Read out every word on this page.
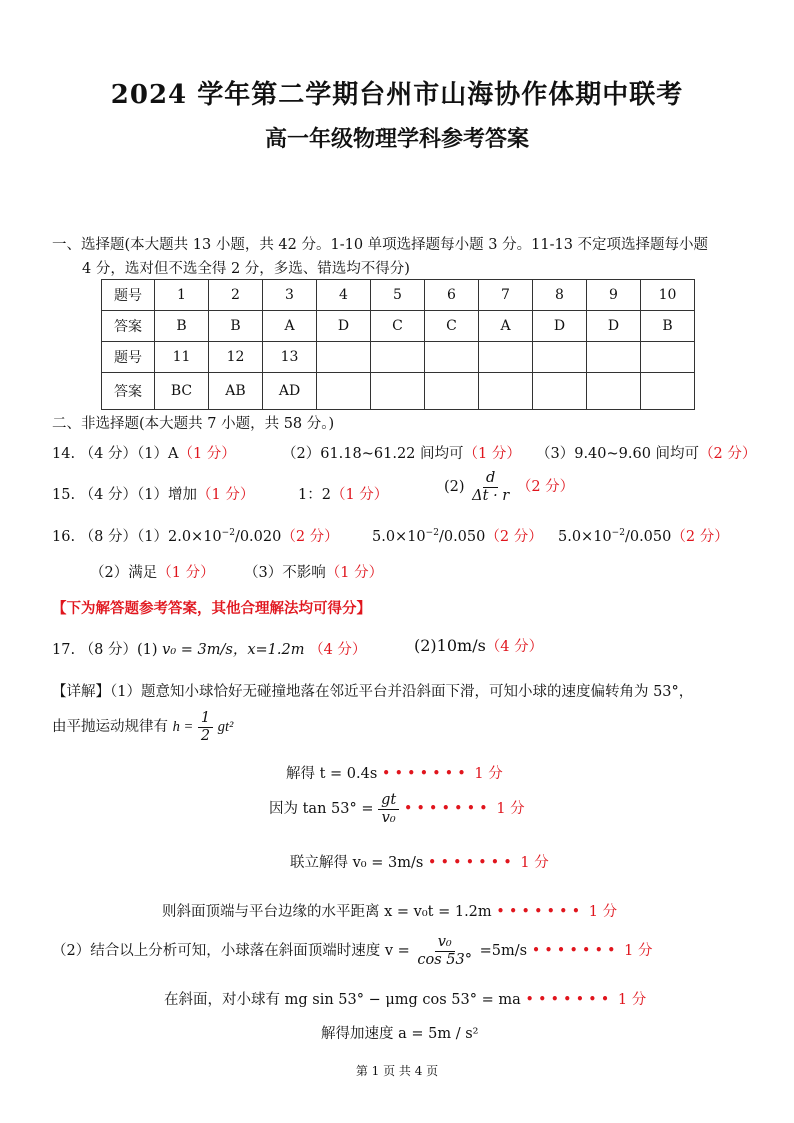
2024 学年第二学期台州市山海协作体期中联考
高一年级物理学科参考答案
一、选择题(本大题共 13 小题，共 42 分。1-10 单项选择题每小题 3 分。11-13 不定项选择题每小题
4 分，选对但不选全得 2 分，多选、错选均不得分)
题号	1	2	3	4	5	6	7	8	9	10
答案	B	B	A	D	C	C	A	D	D	B
题号	11	12	13							
答案	BC	AB	AD							
二、非选择题(本大题共 7 小题，共 58 分。)
14. （4 分）（1）A（1 分）	（2）61.18~61.22 间均可（1 分） （3）9.40~9.60 间均可（2 分）
15. （4 分）（1）增加（1 分）	1：2（1 分）	$(2) \frac{d}{\Delta t \cdot r} (2$ 分）
16. （8 分）$(1)2.0\times 10^{-2}/0.020(2$ 分） $5.0\times 10^{-2}/0.050(2$ 分） $5.0\times 10^{-2}/0.050(2$ 分）
（2）满足（1 分） （3）不影响（1 分）
【下为解答题参考答案，其他合理解法均可得分】
17. （8 分）(1) v₀ = 3m/s，x=1.2m （4 分）	(2)10m/s（4 分）
【详解】（1）题意知小球恰好无碰撞地落在邻近平台并沿斜面下滑，可知小球的速度偏转角为 53°，
由平抛运动规律有 $h = \frac{1}{2} gt^2$
解得 t = 0.4s ••••••• 1 分
因为 $\tan 53^\circ = \frac{gt}{\text{v₀}}$ ••••••• 1 分
联立解得 v₀ = 3m/s ••••••• 1 分
则斜面顶端与平台边缘的水平距离 x = v₀t = 1.2m ••••••• 1 分
（2）结合以上分析可知，小球落在斜面顶端时速度 $v = \frac{\text{v₀}}{\cos 53^\circ} =5m/s$ ••••••• 1 分
在斜面，对小球有 mg sin 53° − μmg cos 53° = ma ••••••• 1 分
解得加速度 a = 5m / s²
第 1 页 共 4 页
